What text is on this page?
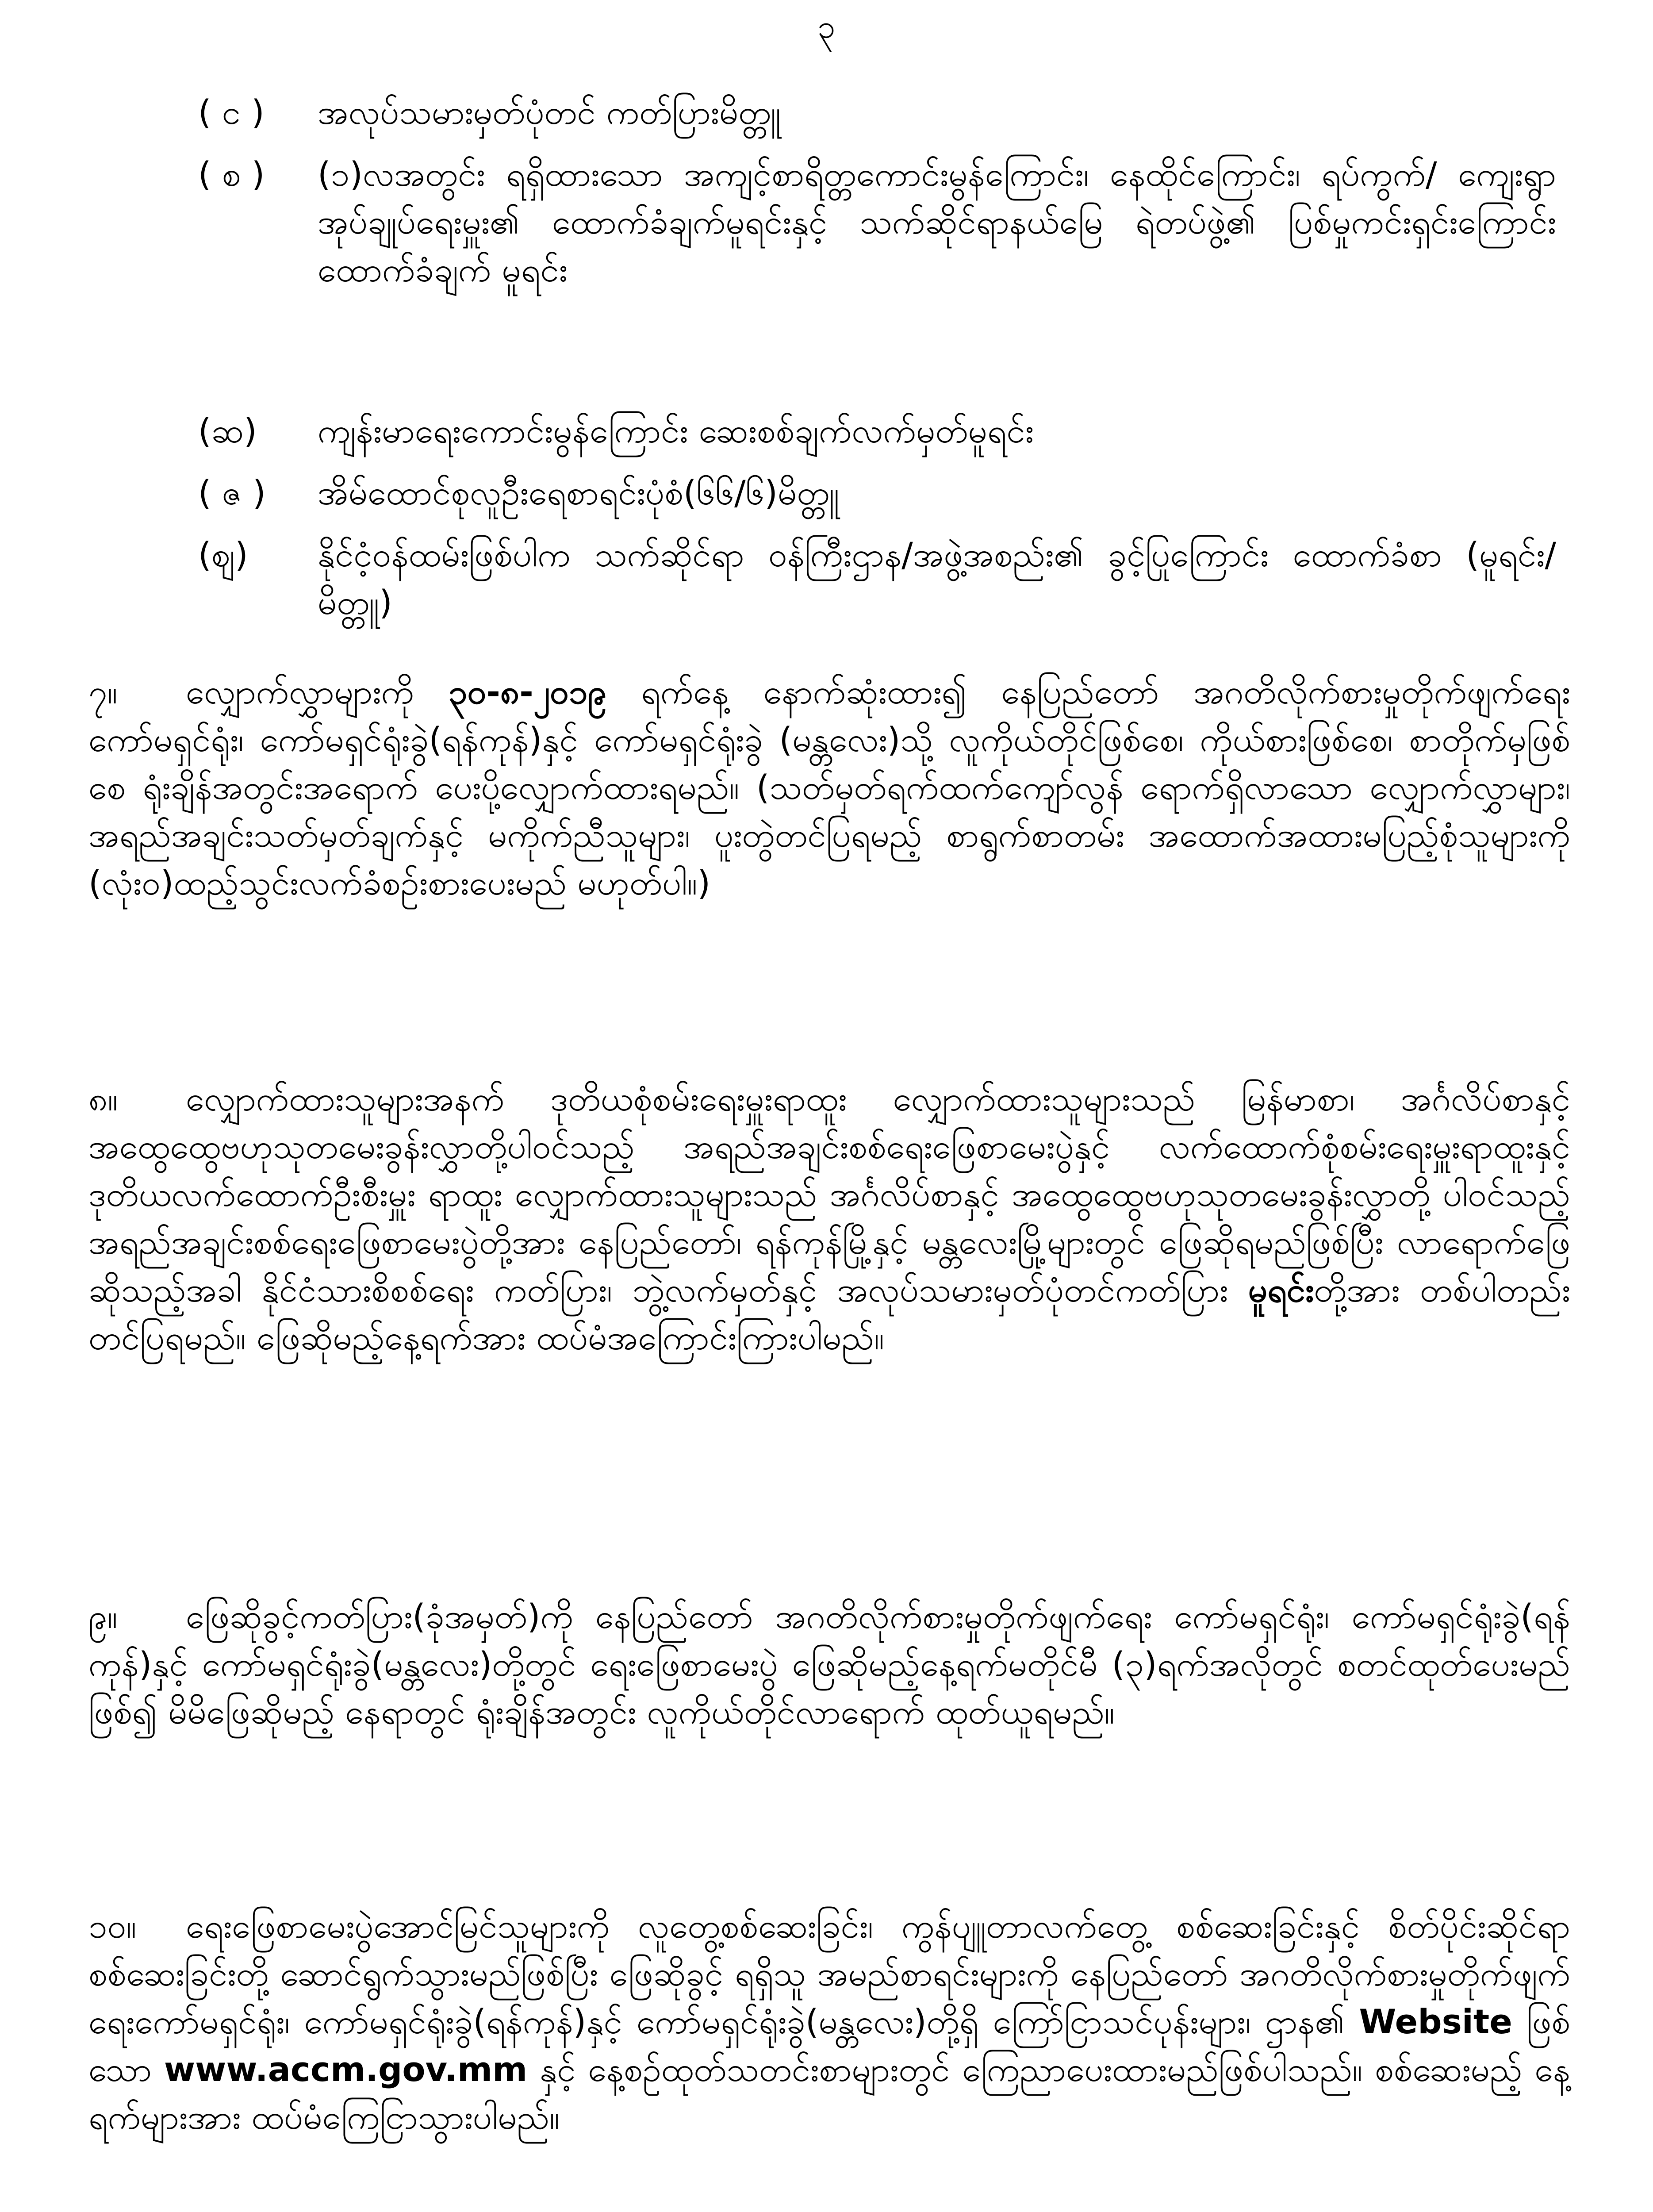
၃
( င )	အလုပ်သမားမှတ်ပုံတင် ကတ်ပြားမိတ္တူ
( စ )	(၁)လအတွင်း ရရှိထားသော အကျင့်စာရိတ္တကောင်းမွန်ကြောင်း၊ နေထိုင်ကြောင်း၊ ရပ်ကွက်/ ကျေးရွာအုပ်ချုပ်ရေးမှူး၏ ထောက်ခံချက်မူရင်းနှင့် သက်ဆိုင်ရာနယ်မြေ ရဲတပ်ဖွဲ့၏ ပြစ်မှုကင်းရှင်းကြောင်း ထောက်ခံချက် မူရင်း
(ဆ)	ကျန်းမာရေးကောင်းမွန်ကြောင်း ဆေးစစ်ချက်လက်မှတ်မူရင်း
( ဇ )	အိမ်ထောင်စုလူဦးရေစာရင်းပုံစံ(၆၆/၆)မိတ္တူ
(ဈ)	နိုင်ငံ့ဝန်ထမ်းဖြစ်ပါက သက်ဆိုင်ရာ ဝန်ကြီးဌာန/အဖွဲ့အစည်း၏ ခွင့်ပြုကြောင်း ထောက်ခံစာ (မူရင်း/မိတ္တူ)
၇။ လျှောက်လွှာများကို ၃၀-၈-၂၀၁၉ ရက်နေ့ နောက်ဆုံးထား၍ နေပြည်တော် အဂတိလိုက်စားမှုတိုက်ဖျက်ရေးကော်မရှင်ရုံး၊ ကော်မရှင်ရုံးခွဲ(ရန်ကုန်)နှင့် ကော်မရှင်ရုံးခွဲ (မန္တလေး)သို့ လူကိုယ်တိုင်ဖြစ်စေ၊ ကိုယ်စားဖြစ်စေ၊ စာတိုက်မှဖြစ်စေ ရုံးချိန်အတွင်းအရောက် ပေးပို့လျှောက်ထားရမည်။ (သတ်မှတ်ရက်ထက်ကျော်လွန် ရောက်ရှိလာသော လျှောက်လွှာများ၊ အရည်အချင်းသတ်မှတ်ချက်နှင့် မကိုက်ညီသူများ၊ ပူးတွဲတင်ပြရမည့် စာရွက်စာတမ်း အထောက်အထားမပြည့်စုံသူများကို (လုံးဝ)ထည့်သွင်းလက်ခံစဉ်းစားပေးမည် မဟုတ်ပါ။)
၈။ လျှောက်ထားသူများအနက် ဒုတိယစုံစမ်းရေးမှူးရာထူး လျှောက်ထားသူများသည် မြန်မာစာ၊ အင်္ဂလိပ်စာနှင့် အထွေထွေဗဟုသုတမေးခွန်းလွှာတို့ပါဝင်သည့် အရည်အချင်းစစ်ရေးဖြေစာမေးပွဲနှင့် လက်ထောက်စုံစမ်းရေးမှူးရာထူးနှင့် ဒုတိယလက်ထောက်ဦးစီးမှူး ရာထူး လျှောက်ထားသူများသည် အင်္ဂလိပ်စာနှင့် အထွေထွေဗဟုသုတမေးခွန်းလွှာတို့ ပါဝင်သည့် အရည်အချင်းစစ်ရေးဖြေစာမေးပွဲတို့အား နေပြည်တော်၊ ရန်ကုန်မြို့နှင့် မန္တလေးမြို့များတွင် ဖြေဆိုရမည်ဖြစ်ပြီး လာရောက်ဖြေဆိုသည့်အခါ နိုင်ငံသားစိစစ်ရေး ကတ်ပြား၊ ဘွဲ့လက်မှတ်နှင့် အလုပ်သမားမှတ်ပုံတင်ကတ်ပြား မူရင်းတို့အား တစ်ပါတည်း တင်ပြရမည်။ ဖြေဆိုမည့်နေ့ရက်အား ထပ်မံအကြောင်းကြားပါမည်။
၉။ ဖြေဆိုခွင့်ကတ်ပြား(ခုံအမှတ်)ကို နေပြည်တော် အဂတိလိုက်စားမှုတိုက်ဖျက်ရေး ကော်မရှင်ရုံး၊ ကော်မရှင်ရုံးခွဲ(ရန်ကုန်)နှင့် ကော်မရှင်ရုံးခွဲ(မန္တလေး)တို့တွင် ရေးဖြေစာမေးပွဲ ဖြေဆိုမည့်နေ့ရက်မတိုင်မီ (၃)ရက်အလိုတွင် စတင်ထုတ်ပေးမည်ဖြစ်၍ မိမိဖြေဆိုမည့် နေရာတွင် ရုံးချိန်အတွင်း လူကိုယ်တိုင်လာရောက် ထုတ်ယူရမည်။
၁၀။ ရေးဖြေစာမေးပွဲအောင်မြင်သူများကို လူတွေ့စစ်ဆေးခြင်း၊ ကွန်ပျူတာလက်တွေ့ စစ်ဆေးခြင်းနှင့် စိတ်ပိုင်းဆိုင်ရာစစ်ဆေးခြင်းတို့ ဆောင်ရွက်သွားမည်ဖြစ်ပြီး ဖြေဆိုခွင့် ရရှိသူ အမည်စာရင်းများကို နေပြည်တော် အဂတိလိုက်စားမှုတိုက်ဖျက်ရေးကော်မရှင်ရုံး၊ ကော်မရှင်ရုံးခွဲ(ရန်ကုန်)နှင့် ကော်မရှင်ရုံးခွဲ(မန္တလေး)တို့ရှိ ကြော်ငြာသင်ပုန်းများ၊ ဌာန၏ Website ဖြစ်သော www.accm.gov.mm နှင့် နေ့စဉ်ထုတ်သတင်းစာများတွင် ကြေညာပေးထားမည်ဖြစ်ပါသည်။ စစ်ဆေးမည့် နေ့ရက်များအား ထပ်မံကြေငြာသွားပါမည်။
